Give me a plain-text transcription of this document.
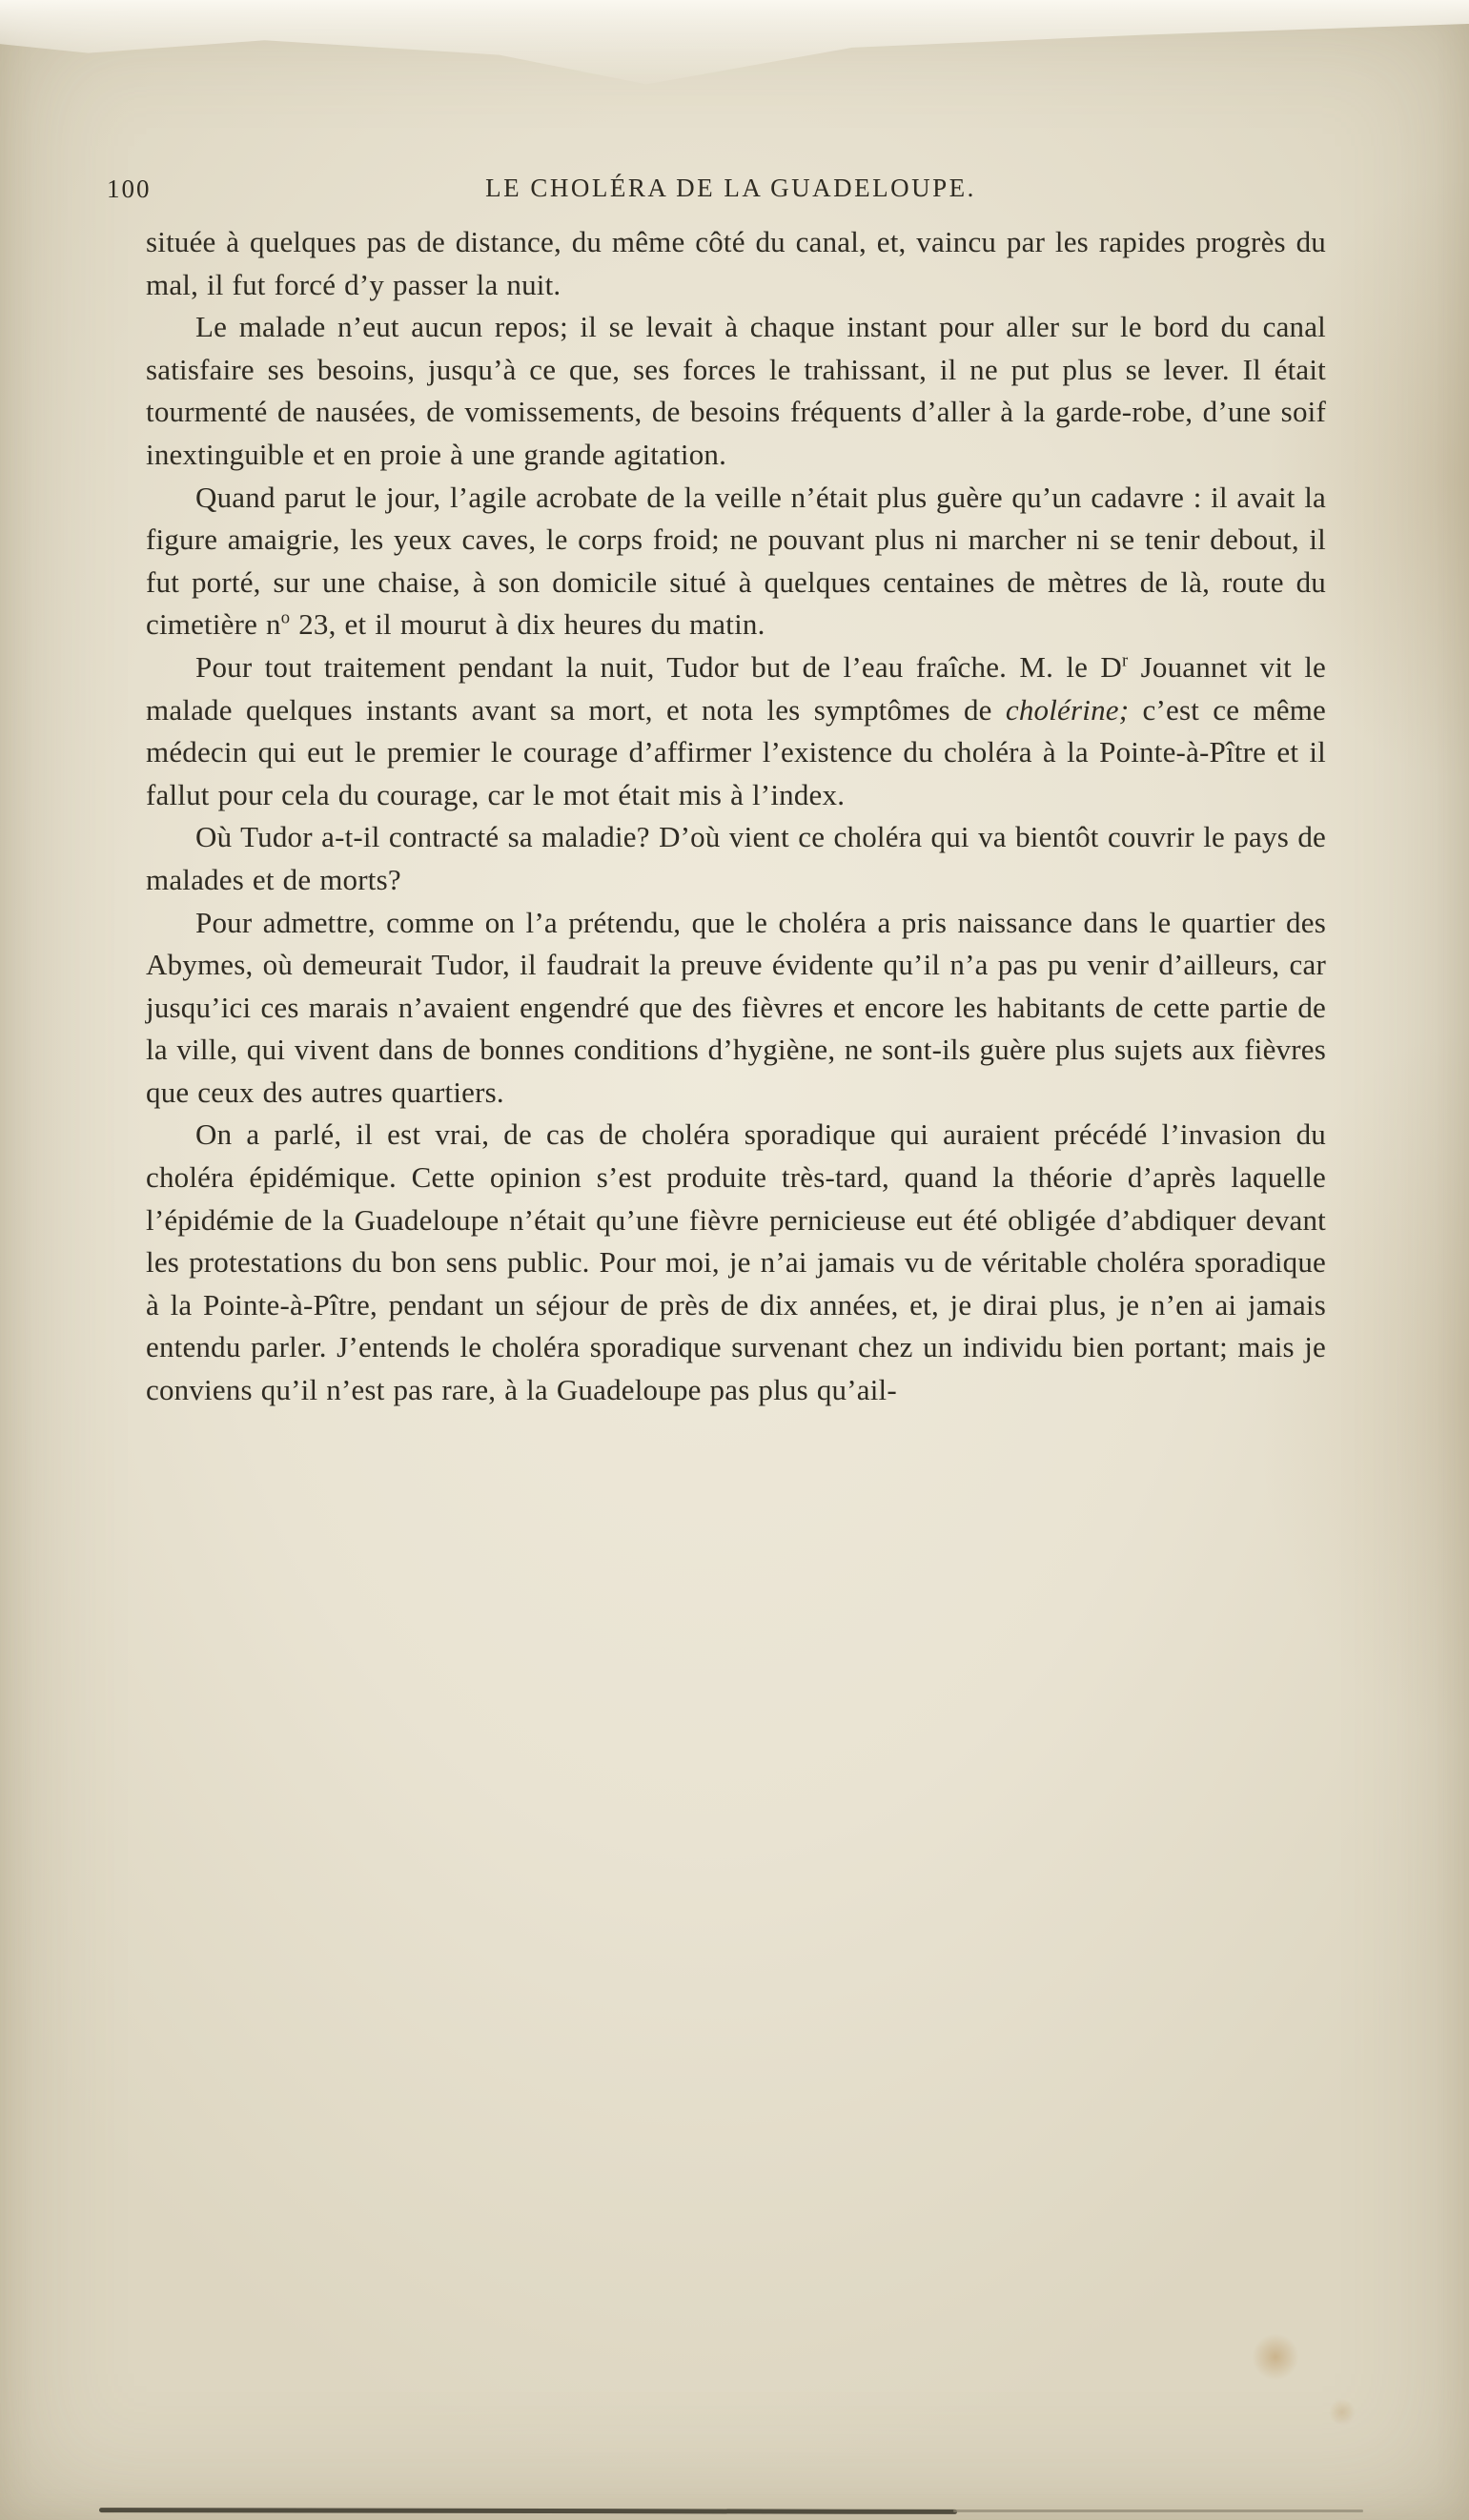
100	LE CHOLÉRA DE LA GUADELOUPE.

située à quelques pas de distance, du même côté du canal, et, vaincu par les rapides progrès du mal, il fut forcé d’y passer la nuit.

Le malade n’eut aucun repos; il se levait à chaque instant pour aller sur le bord du canal satisfaire ses besoins, jusqu’à ce que, ses forces le trahissant, il ne put plus se lever. Il était tourmenté de nausées, de vomissements, de besoins fréquents d’aller à la garde-robe, d’une soif inextinguible et en proie à une grande agitation.

Quand parut le jour, l’agile acrobate de la veille n’était plus guère qu’un cadavre : il avait la figure amaigrie, les yeux caves, le corps froid; ne pouvant plus ni marcher ni se tenir debout, il fut porté, sur une chaise, à son domicile situé à quelques centaines de mètres de là, route du cimetière $n^o$ 23, et il mourut à dix heures du matin.

Pour tout traitement pendant la nuit, Tudor but de l’eau fraîche. M. le $D^r$ Jouannet vit le malade quelques instants avant sa mort, et nota les symptômes de cholérine; c’est ce même médecin qui eut le premier le courage d’affirmer l’existence du choléra à la Pointe-à-Pître et il fallut pour cela du courage, car le mot était mis à l’index.

Où Tudor a-t-il contracté sa maladie? D’où vient ce choléra qui va bientôt couvrir le pays de malades et de morts?

Pour admettre, comme on l’a prétendu, que le choléra a pris naissance dans le quartier des Abymes, où demeurait Tudor, il faudrait la preuve évidente qu’il n’a pas pu venir d’ailleurs, car jusqu’ici ces marais n’avaient engendré que des fièvres et encore les habitants de cette partie de la ville, qui vivent dans de bonnes conditions d’hygiène, ne sont-ils guère plus sujets aux fièvres que ceux des autres quartiers.

On a parlé, il est vrai, de cas de choléra sporadique qui auraient précédé l’invasion du choléra épidémique. Cette opinion s’est produite très-tard, quand la théorie d’après laquelle l’épidémie de la Guadeloupe n’était qu’une fièvre pernicieuse eut été obligée d’abdiquer devant les protestations du bon sens public. Pour moi, je n’ai jamais vu de véritable choléra sporadique à la Pointe-à-Pître, pendant un séjour de près de dix années, et, je dirai plus, je n’en ai jamais entendu parler. J’entends le choléra sporadique survenant chez un individu bien portant; mais je conviens qu’il n’est pas rare, à la Guadeloupe pas plus qu’ail-
